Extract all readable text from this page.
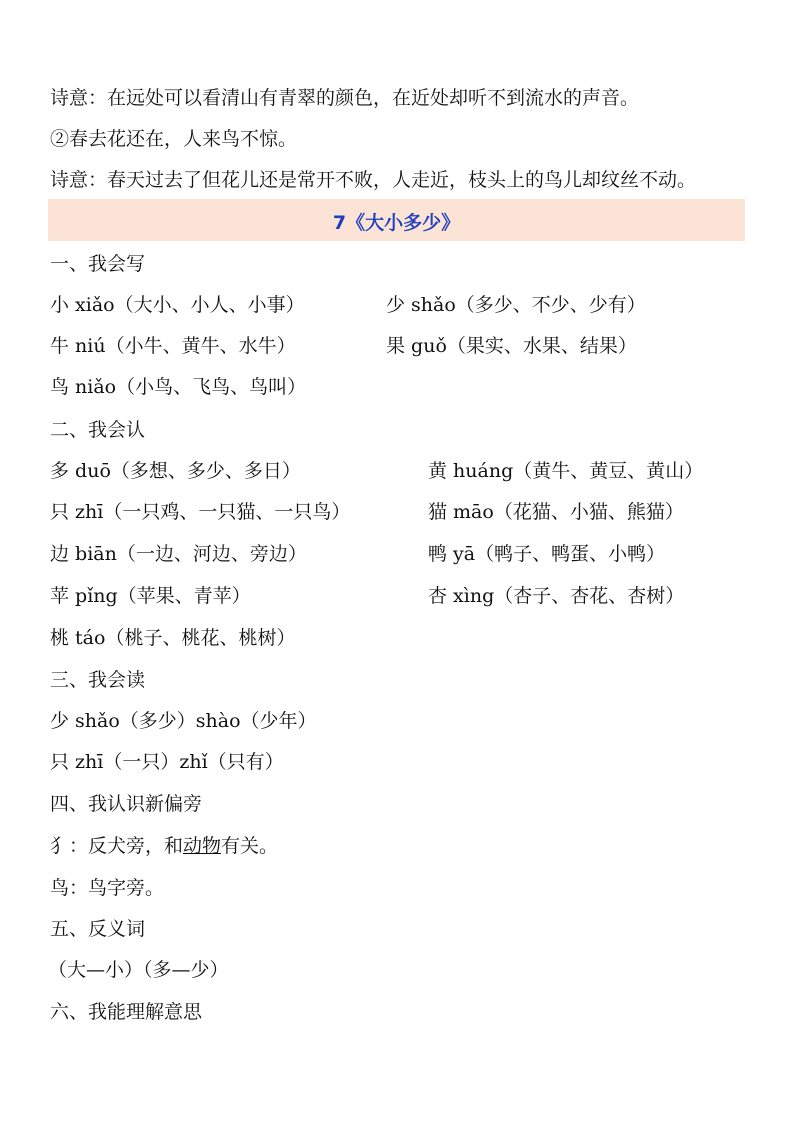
诗意：在远处可以看清山有青翠的颜色，在近处却听不到流水的声音。
②春去花还在，人来鸟不惊。
诗意：春天过去了但花儿还是常开不败，人走近，枝头上的鸟儿却纹丝不动。
7《大小多少》
一、我会写
小 xiǎo（大小、小人、小事）	少 shǎo（多少、不少、少有）
牛 niú（小牛、黄牛、水牛）	果 guǒ（果实、水果、结果）
鸟 niǎo（小鸟、飞鸟、鸟叫）
二、我会认
多 duō（多想、多少、多日）	黄 huáng（黄牛、黄豆、黄山）
只 zhī（一只鸡、一只猫、一只鸟）	猫 māo（花猫、小猫、熊猫）
边 biān（一边、河边、旁边）	鸭 yā（鸭子、鸭蛋、小鸭）
苹 pǐng（苹果、青苹）	杏 xìng（杏子、杏花、杏树）
桃 táo（桃子、桃花、桃树）
三、我会读
少 shǎo（多少）shào（少年）
只 zhī（一只）zhǐ（只有）
四、我认识新偏旁
犭：反犬旁，和动物有关。
鸟：鸟字旁。
五、反义词
（大—小）（多—少）
六、我能理解意思
